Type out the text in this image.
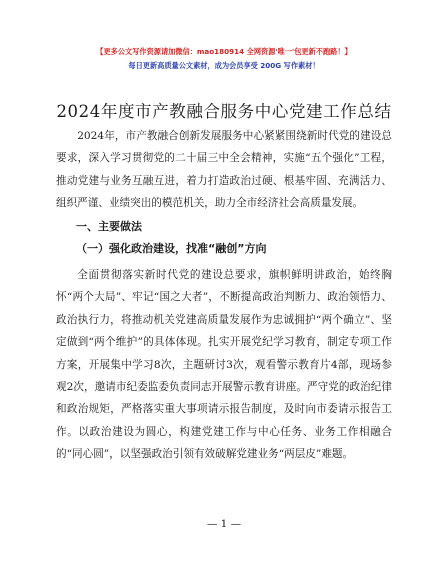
【更多公文写作资源请加微信：mao180914 全网资源'唯一'包更新不跑路！】
每日更新高质量公文素材，成为会员享受 200G 写作素材！
2024年度市产教融合服务中心党建工作总结
2024年，市产教融合创新发展服务中心紧紧围绕新时代党的建设总要求，深入学习贯彻党的二十届三中全会精神，实施“五个强化”工程，推动党建与业务互融互进，着力打造政治过硬、根基牢固、充满活力、组织严谨、业绩突出的模范机关，助力全市经济社会高质量发展。
一、主要做法
（一）强化政治建设，找准“融创”方向
全面贯彻落实新时代党的建设总要求，旗帜鲜明讲政治，始终胸怀“两个大局”、牢记“国之大者”，不断提高政治判断力、政治领悟力、政治执行力，将推动机关党建高质量发展作为忠诚拥护“两个确立”、坚定做到“两个维护”的具体体现。扎实开展党纪学习教育，制定专项工作方案，开展集中学习8次，主题研讨3次，观看警示教育片4部，现场参观2次，邀请市纪委监委负责同志开展警示教育讲座。严守党的政治纪律和政治规矩，严格落实重大事项请示报告制度，及时向市委请示报告工作。以政治建设为圆心，构建党建工作与中心任务、业务工作相融合的“同心圆”，以坚强政治引领有效破解党建业务“两层皮”难题。
— 1 —
